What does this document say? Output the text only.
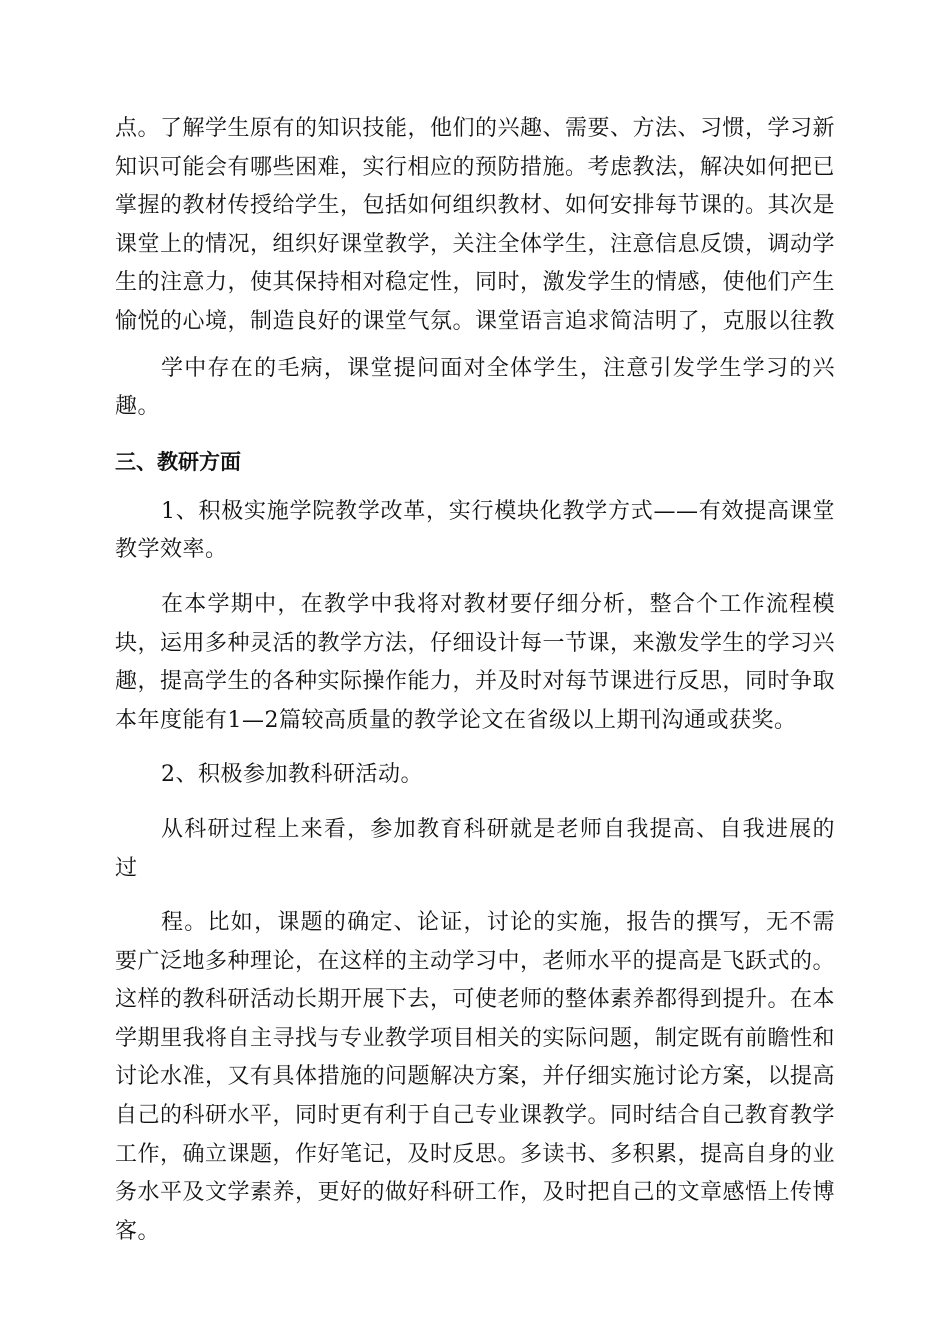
点。了解学生原有的知识技能，他们的兴趣、需要、方法、习惯，学习新知识可能会有哪些困难，实行相应的预防措施。考虑教法，解决如何把已掌握的教材传授给学生，包括如何组织教材、如何安排每节课的。其次是课堂上的情况，组织好课堂教学，关注全体学生，注意信息反馈，调动学生的注意力，使其保持相对稳定性，同时，激发学生的情感，使他们产生愉悦的心境，制造良好的课堂气氛。课堂语言追求简洁明了，克服以往教

学中存在的毛病，课堂提问面对全体学生，注意引发学生学习的兴趣。

三、教研方面

1、积极实施学院教学改革，实行模块化教学方式——有效提高课堂教学效率。

在本学期中，在教学中我将对教材要仔细分析，整合个工作流程模块，运用多种灵活的教学方法，仔细设计每一节课，来激发学生的学习兴趣，提高学生的各种实际操作能力，并及时对每节课进行反思，同时争取本年度能有1—2篇较高质量的教学论文在省级以上期刊沟通或获奖。

2、积极参加教科研活动。

从科研过程上来看，参加教育科研就是老师自我提高、自我进展的过

程。比如，课题的确定、论证，讨论的实施，报告的撰写，无不需要广泛地多种理论，在这样的主动学习中，老师水平的提高是飞跃式的。这样的教科研活动长期开展下去，可使老师的整体素养都得到提升。在本学期里我将自主寻找与专业教学项目相关的实际问题，制定既有前瞻性和讨论水准，又有具体措施的问题解决方案，并仔细实施讨论方案，以提高自己的科研水平，同时更有利于自己专业课教学。同时结合自己教育教学工作，确立课题，作好笔记，及时反思。多读书、多积累，提高自身的业务水平及文学素养，更好的做好科研工作，及时把自己的文章感悟上传博客。
